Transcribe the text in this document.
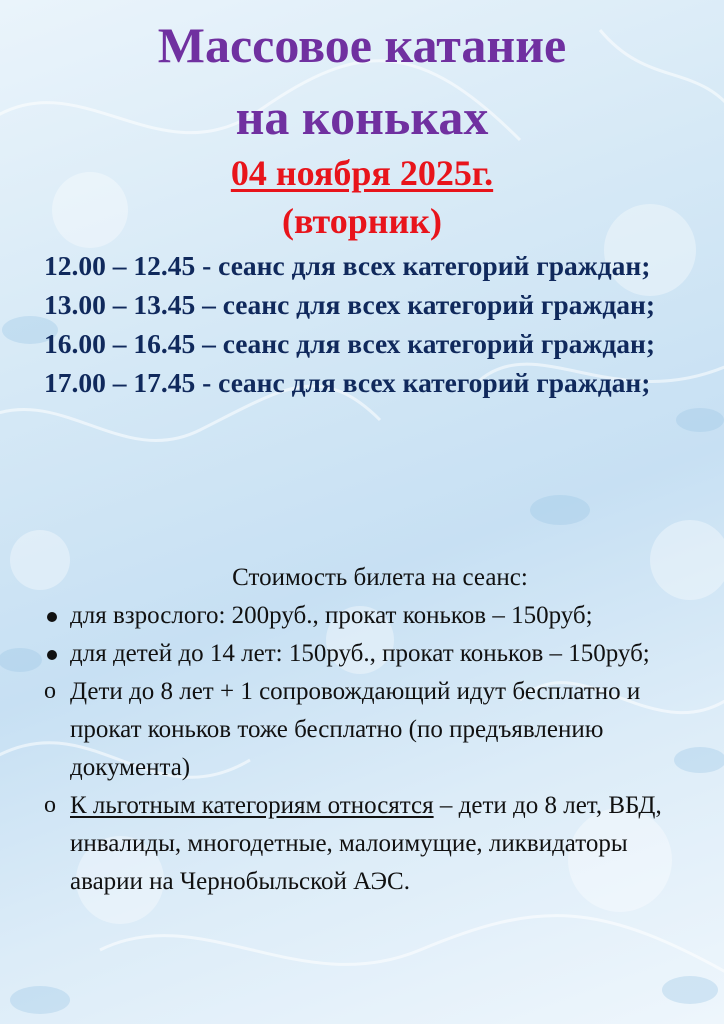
Массовое катание
на коньках
04 ноября 2025г.
(вторник)

12.00 – 12.45 - сеанс для всех категорий граждан;

13.00 – 13.45 – сеанс для всех категорий граждан;

16.00 – 16.45 – сеанс для всех категорий граждан;

17.00 – 17.45 - сеанс для всех категорий граждан;

Стоимость билета на сеанс:
для взрослого: 200руб., прокат коньков – 150руб;
для детей до 14 лет: 150руб., прокат коньков – 150руб;
Дети до 8 лет + 1 сопровождающий идут бесплатно и прокат коньков тоже бесплатно (по предъявлению документа)
К льготным категориям относятся – дети до 8 лет, ВБД, инвалиды, многодетные, малоимущие, ликвидаторы аварии на Чернобыльской АЭС.
